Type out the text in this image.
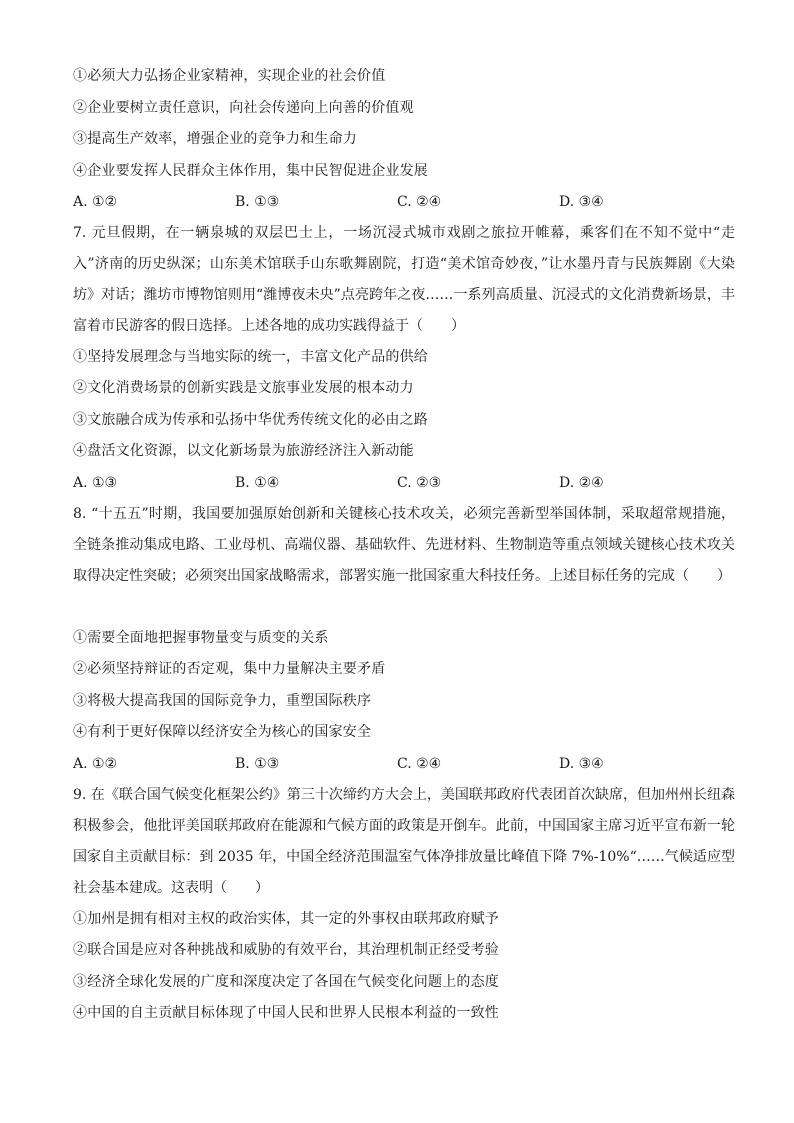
①必须大力弘扬企业家精神，实现企业的社会价值
②企业要树立责任意识，向社会传递向上向善的价值观
③提高生产效率，增强企业的竞争力和生命力
④企业要发挥人民群众主体作用，集中民智促进企业发展
A. ①②	B. ①③	C. ②④	D. ③④
7. 元旦假期，在一辆泉城的双层巴士上，一场沉浸式城市戏剧之旅拉开帷幕，乘客们在不知不觉中“走入”济南的历史纵深；山东美术馆联手山东歌舞剧院，打造“美术馆奇妙夜，”让水墨丹青与民族舞剧《大染坊》对话；潍坊市博物馆则用“潍博夜未央”点亮跨年之夜……一系列高质量、沉浸式的文化消费新场景，丰富着市民游客的假日选择。上述各地的成功实践得益于（　　）
①坚持发展理念与当地实际的统一，丰富文化产品的供给
②文化消费场景的创新实践是文旅事业发展的根本动力
③文旅融合成为传承和弘扬中华优秀传统文化的必由之路
④盘活文化资源，以文化新场景为旅游经济注入新动能
A. ①③	B. ①④	C. ②③	D. ②④
8. “十五五”时期，我国要加强原始创新和关键核心技术攻关，必须完善新型举国体制，采取超常规措施，全链条推动集成电路、工业母机、高端仪器、基础软件、先进材料、生物制造等重点领域关键核心技术攻关取得决定性突破；必须突出国家战略需求，部署实施一批国家重大科技任务。上述目标任务的完成（　　）
①需要全面地把握事物量变与质变的关系
②必须坚持辩证的否定观，集中力量解决主要矛盾
③将极大提高我国的国际竞争力，重塑国际秩序
④有利于更好保障以经济安全为核心的国家安全
A. ①②	B. ①③	C. ②④	D. ③④
9. 在《联合国气候变化框架公约》第三十次缔约方大会上，美国联邦政府代表团首次缺席，但加州州长纽森积极参会，他批评美国联邦政府在能源和气候方面的政策是开倒车。此前，中国国家主席习近平宣布新一轮国家自主贡献目标：到 2035 年，中国全经济范围温室气体净排放量比峰值下降 7%-10%“……气候适应型社会基本建成。这表明（　　）
①加州是拥有相对主权的政治实体，其一定的外事权由联邦政府赋予
②联合国是应对各种挑战和威胁的有效平台，其治理机制正经受考验
③经济全球化发展的广度和深度决定了各国在气候变化问题上的态度
④中国的自主贡献目标体现了中国人民和世界人民根本利益的一致性
